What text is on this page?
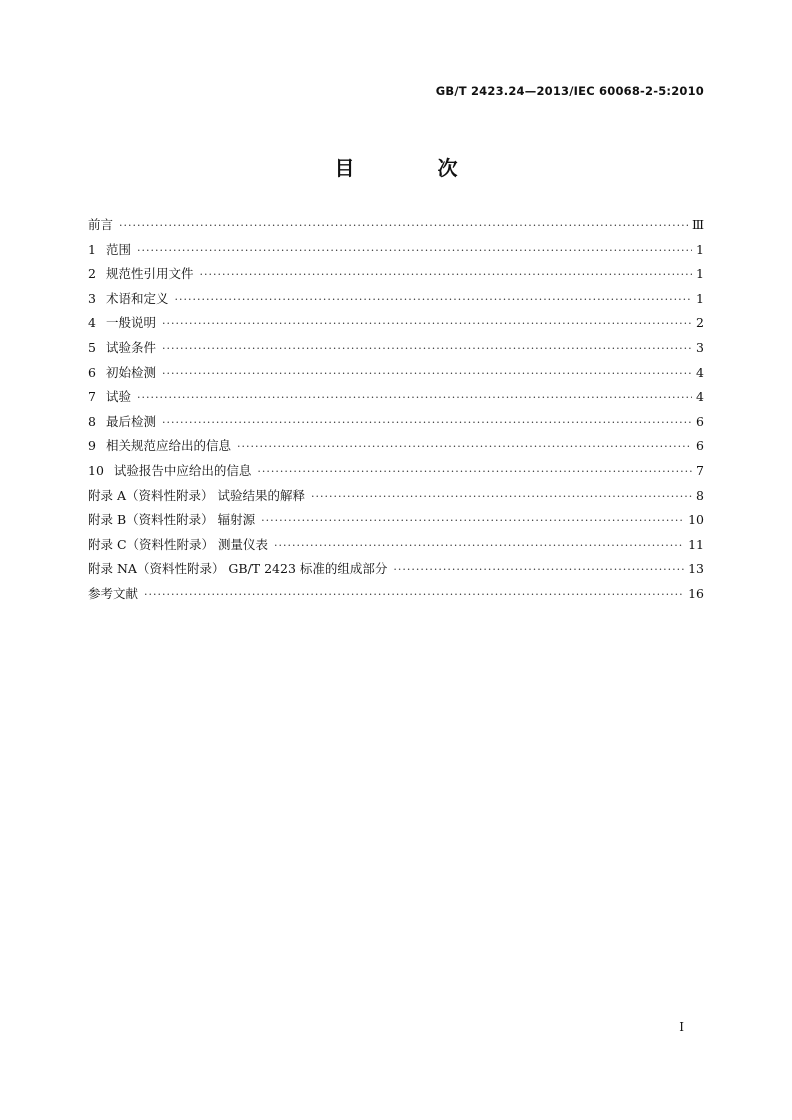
GB/T 2423.24—2013/IEC 60068-2-5:2010
目 次
前言 ·····	Ⅲ
1 范围 ·····	1
2 规范性引用文件 ·····	1
3 术语和定义 ·····	1
4 一般说明 ·····	2
5 试验条件 ·····	3
6 初始检测 ·····	4
7 试验 ·····	4
8 最后检测 ·····	6
9 相关规范应给出的信息 ·····	6
10 试验报告中应给出的信息 ·····	7
附录 A（资料性附录） 试验结果的解释 ·····	8
附录 B（资料性附录） 辐射源 ·····	10
附录 C（资料性附录） 测量仪表 ·····	11
附录 NA（资料性附录） GB/T 2423 标准的组成部分 ·····	13
参考文献 ·····	16
I
